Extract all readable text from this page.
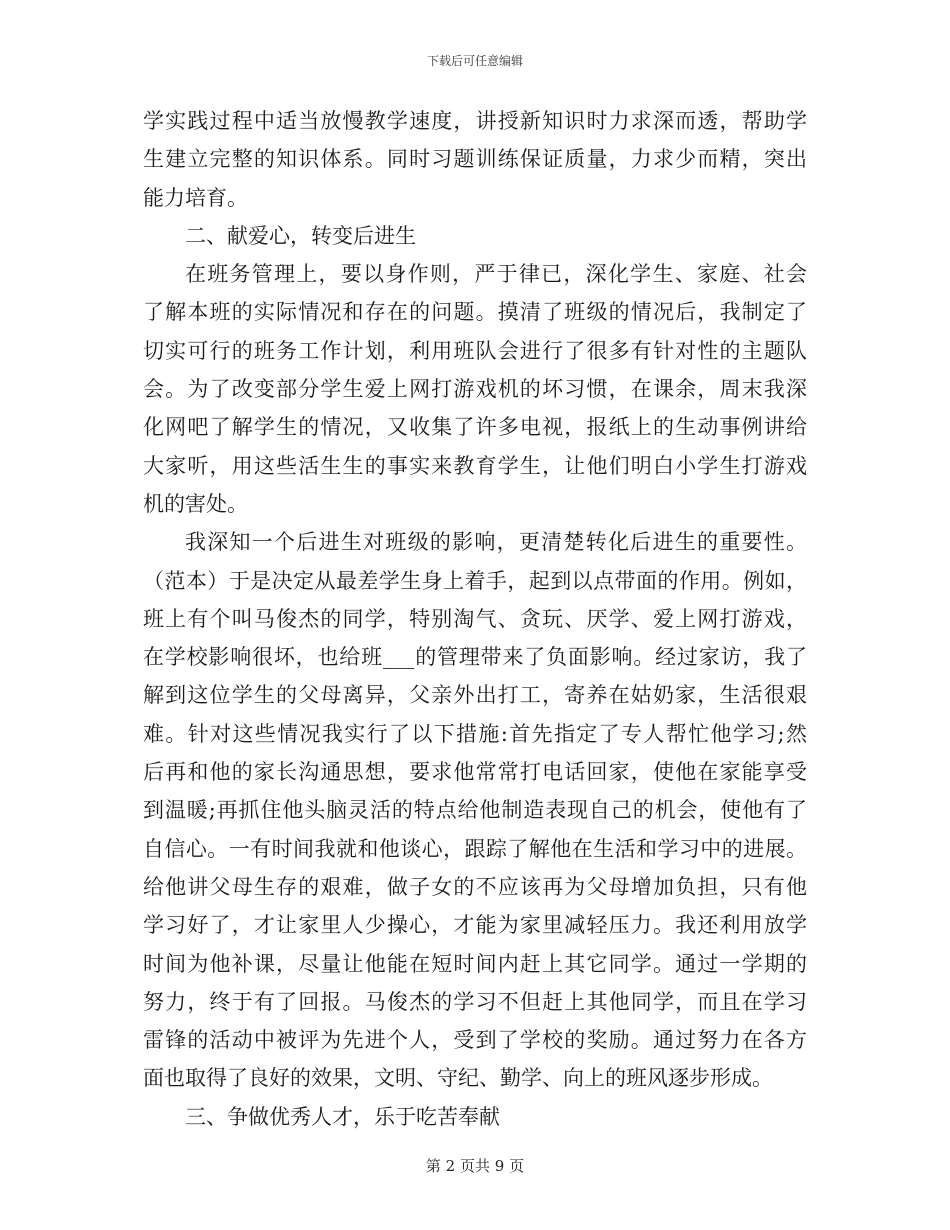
下载后可任意编辑
学实践过程中适当放慢教学速度，讲授新知识时力求深而透，帮助学
生建立完整的知识体系。同时习题训练保证质量，力求少而精，突出
能力培育。
二、献爱心，转变后进生
在班务管理上，要以身作则，严于律已，深化学生、家庭、社会
了解本班的实际情况和存在的问题。摸清了班级的情况后，我制定了
切实可行的班务工作计划，利用班队会进行了很多有针对性的主题队
会。为了改变部分学生爱上网打游戏机的坏习惯，在课余，周末我深
化网吧了解学生的情况，又收集了许多电视，报纸上的生动事例讲给
大家听，用这些活生生的事实来教育学生，让他们明白小学生打游戏
机的害处。
我深知一个后进生对班级的影响，更清楚转化后进生的重要性。
（范本）于是决定从最差学生身上着手，起到以点带面的作用。例如，
班上有个叫马俊杰的同学，特别淘气、贪玩、厌学、爱上网打游戏，
在学校影响很坏，也给班___的管理带来了负面影响。经过家访，我了
解到这位学生的父母离异，父亲外出打工，寄养在姑奶家，生活很艰
难。针对这些情况我实行了以下措施:首先指定了专人帮忙他学习;然
后再和他的家长沟通思想，要求他常常打电话回家，使他在家能享受
到温暖;再抓住他头脑灵活的特点给他制造表现自己的机会，使他有了
自信心。一有时间我就和他谈心，跟踪了解他在生活和学习中的进展。
给他讲父母生存的艰难，做子女的不应该再为父母增加负担，只有他
学习好了，才让家里人少操心，才能为家里减轻压力。我还利用放学
时间为他补课，尽量让他能在短时间内赶上其它同学。通过一学期的
努力，终于有了回报。马俊杰的学习不但赶上其他同学，而且在学习
雷锋的活动中被评为先进个人，受到了学校的奖励。通过努力在各方
面也取得了良好的效果，文明、守纪、勤学、向上的班风逐步形成。
三、争做优秀人才，乐于吃苦奉献
第 2 页共 9 页
